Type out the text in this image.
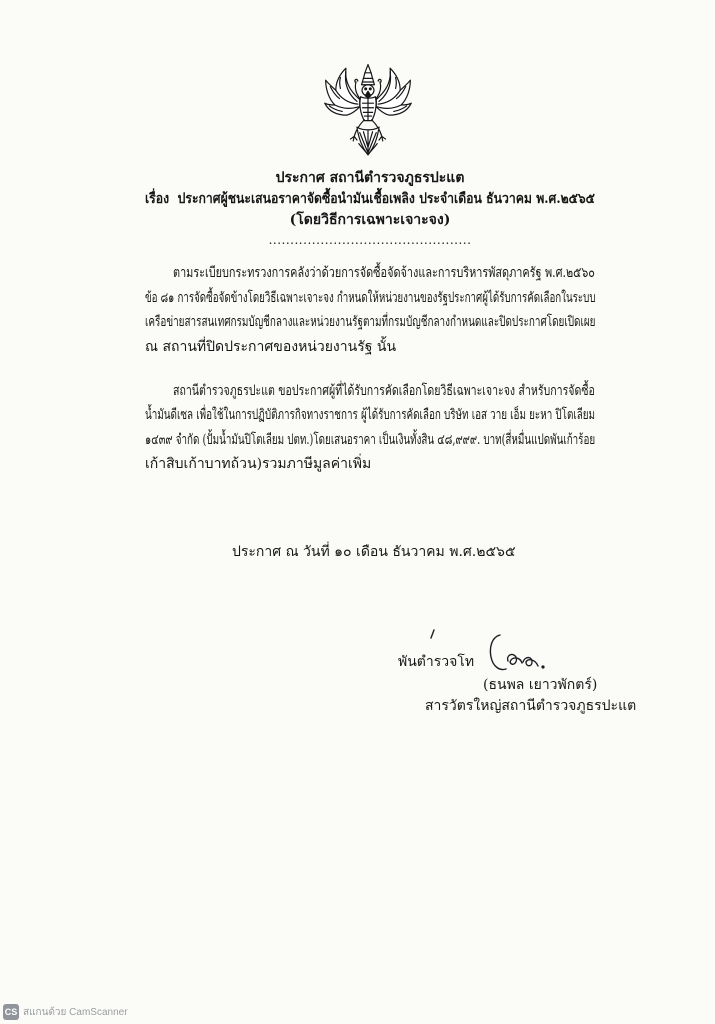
ประกาศ สถานีตำรวจภูธรปะแต
เรื่อง ประกาศผู้ชนะเสนอราคาจัดซื้อนำมันเชื้อเพลิง ประจำเดือน ธันวาคม พ.ศ.๒๕๖๕
(โดยวิธีการเฉพาะเจาะจง)
...............................................
ตามระเบียบกระทรวงการคลังว่าด้วยการจัดซื้อจัดจ้างและการบริหารพัสดุภาครัฐ พ.ศ.๒๕๖๐
ข้อ ๘๑ การจัดซื้อจัดข้างโดยวิธีเฉพาะเจาะจง กำหนดให้หน่วยงานของรัฐประกาศผู้ได้รับการคัดเลือกในระบบ
เครือข่ายสารสนเทศกรมบัญชีกลางและหน่วยงานรัฐตามที่กรมบัญชีกลางกำหนดและปิดประกาศโดยเปิดเผย
ณ สถานที่ปิดประกาศของหน่วยงานรัฐ นั้น
สถานีตำรวจภูธรปะแต ขอประกาศผู้ที่ได้รับการคัดเลือกโดยวิธีเฉพาะเจาะจง สำหรับการจัดซื้อ
น้ำมันดีเซล เพื่อใช้ในการปฏิบัติภารกิจทางราชการ ผู้ได้รับการคัดเลือก บริษัท เอส วาย เอ็ม ยะหา ปิโตเลียม
๑๔๓๙ จำกัด (ปั้มน้ำมันปิโตเลียม ปตท.)โดยเสนอราคา เป็นเงินทั้งสิน ๔๘,๙๙๙. บาท(สี่หมื่นแปดพันเก้าร้อย
เก้าสิบเก้าบาทถ้วน)รวมภาษีมูลค่าเพิ่ม
ประกาศ ณ วันที่ ๑๐ เดือน ธันวาคม พ.ศ.๒๕๖๕
พันตำรวจโท
(ธนพล เยาวพักตร์)
สารวัตรใหญ่สถานีตำรวจภูธรปะแต
CS สแกนด้วย CamScanner
